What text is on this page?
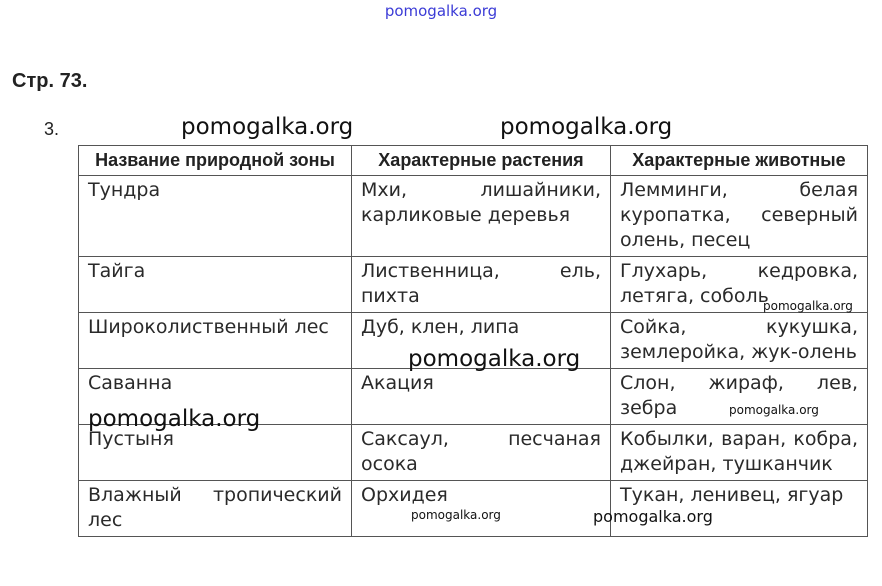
pomogalka.org
Стр. 73.
3.
Название природной зоны	Характерные растения	Характерные животные
Тундра	Мхи, лишайники, карликовые деревья	Лемминги, белая куропатка, северный олень, песец
Тайга	Лиственница, ель, пихта	Глухарь, кедровка, летяга, соболь
Широколиственный лес	Дуб, клен, липа	Сойка, кукушка, землеройка, жук-олень
Саванна	Акация	Слон, жираф, лев, зебра
Пустыня	Саксаул, песчаная осока	Кобылки, варан, кобра, джейран, тушканчик
Влажный тропический лес	Орхидея	Тукан, ленивец, ягуар
pomogalka.org	pomogalka.org
pomogalka.org
pomogalka.org
pomogalka.org
pomogalka.org
pomogalka.org	pomogalka.org
